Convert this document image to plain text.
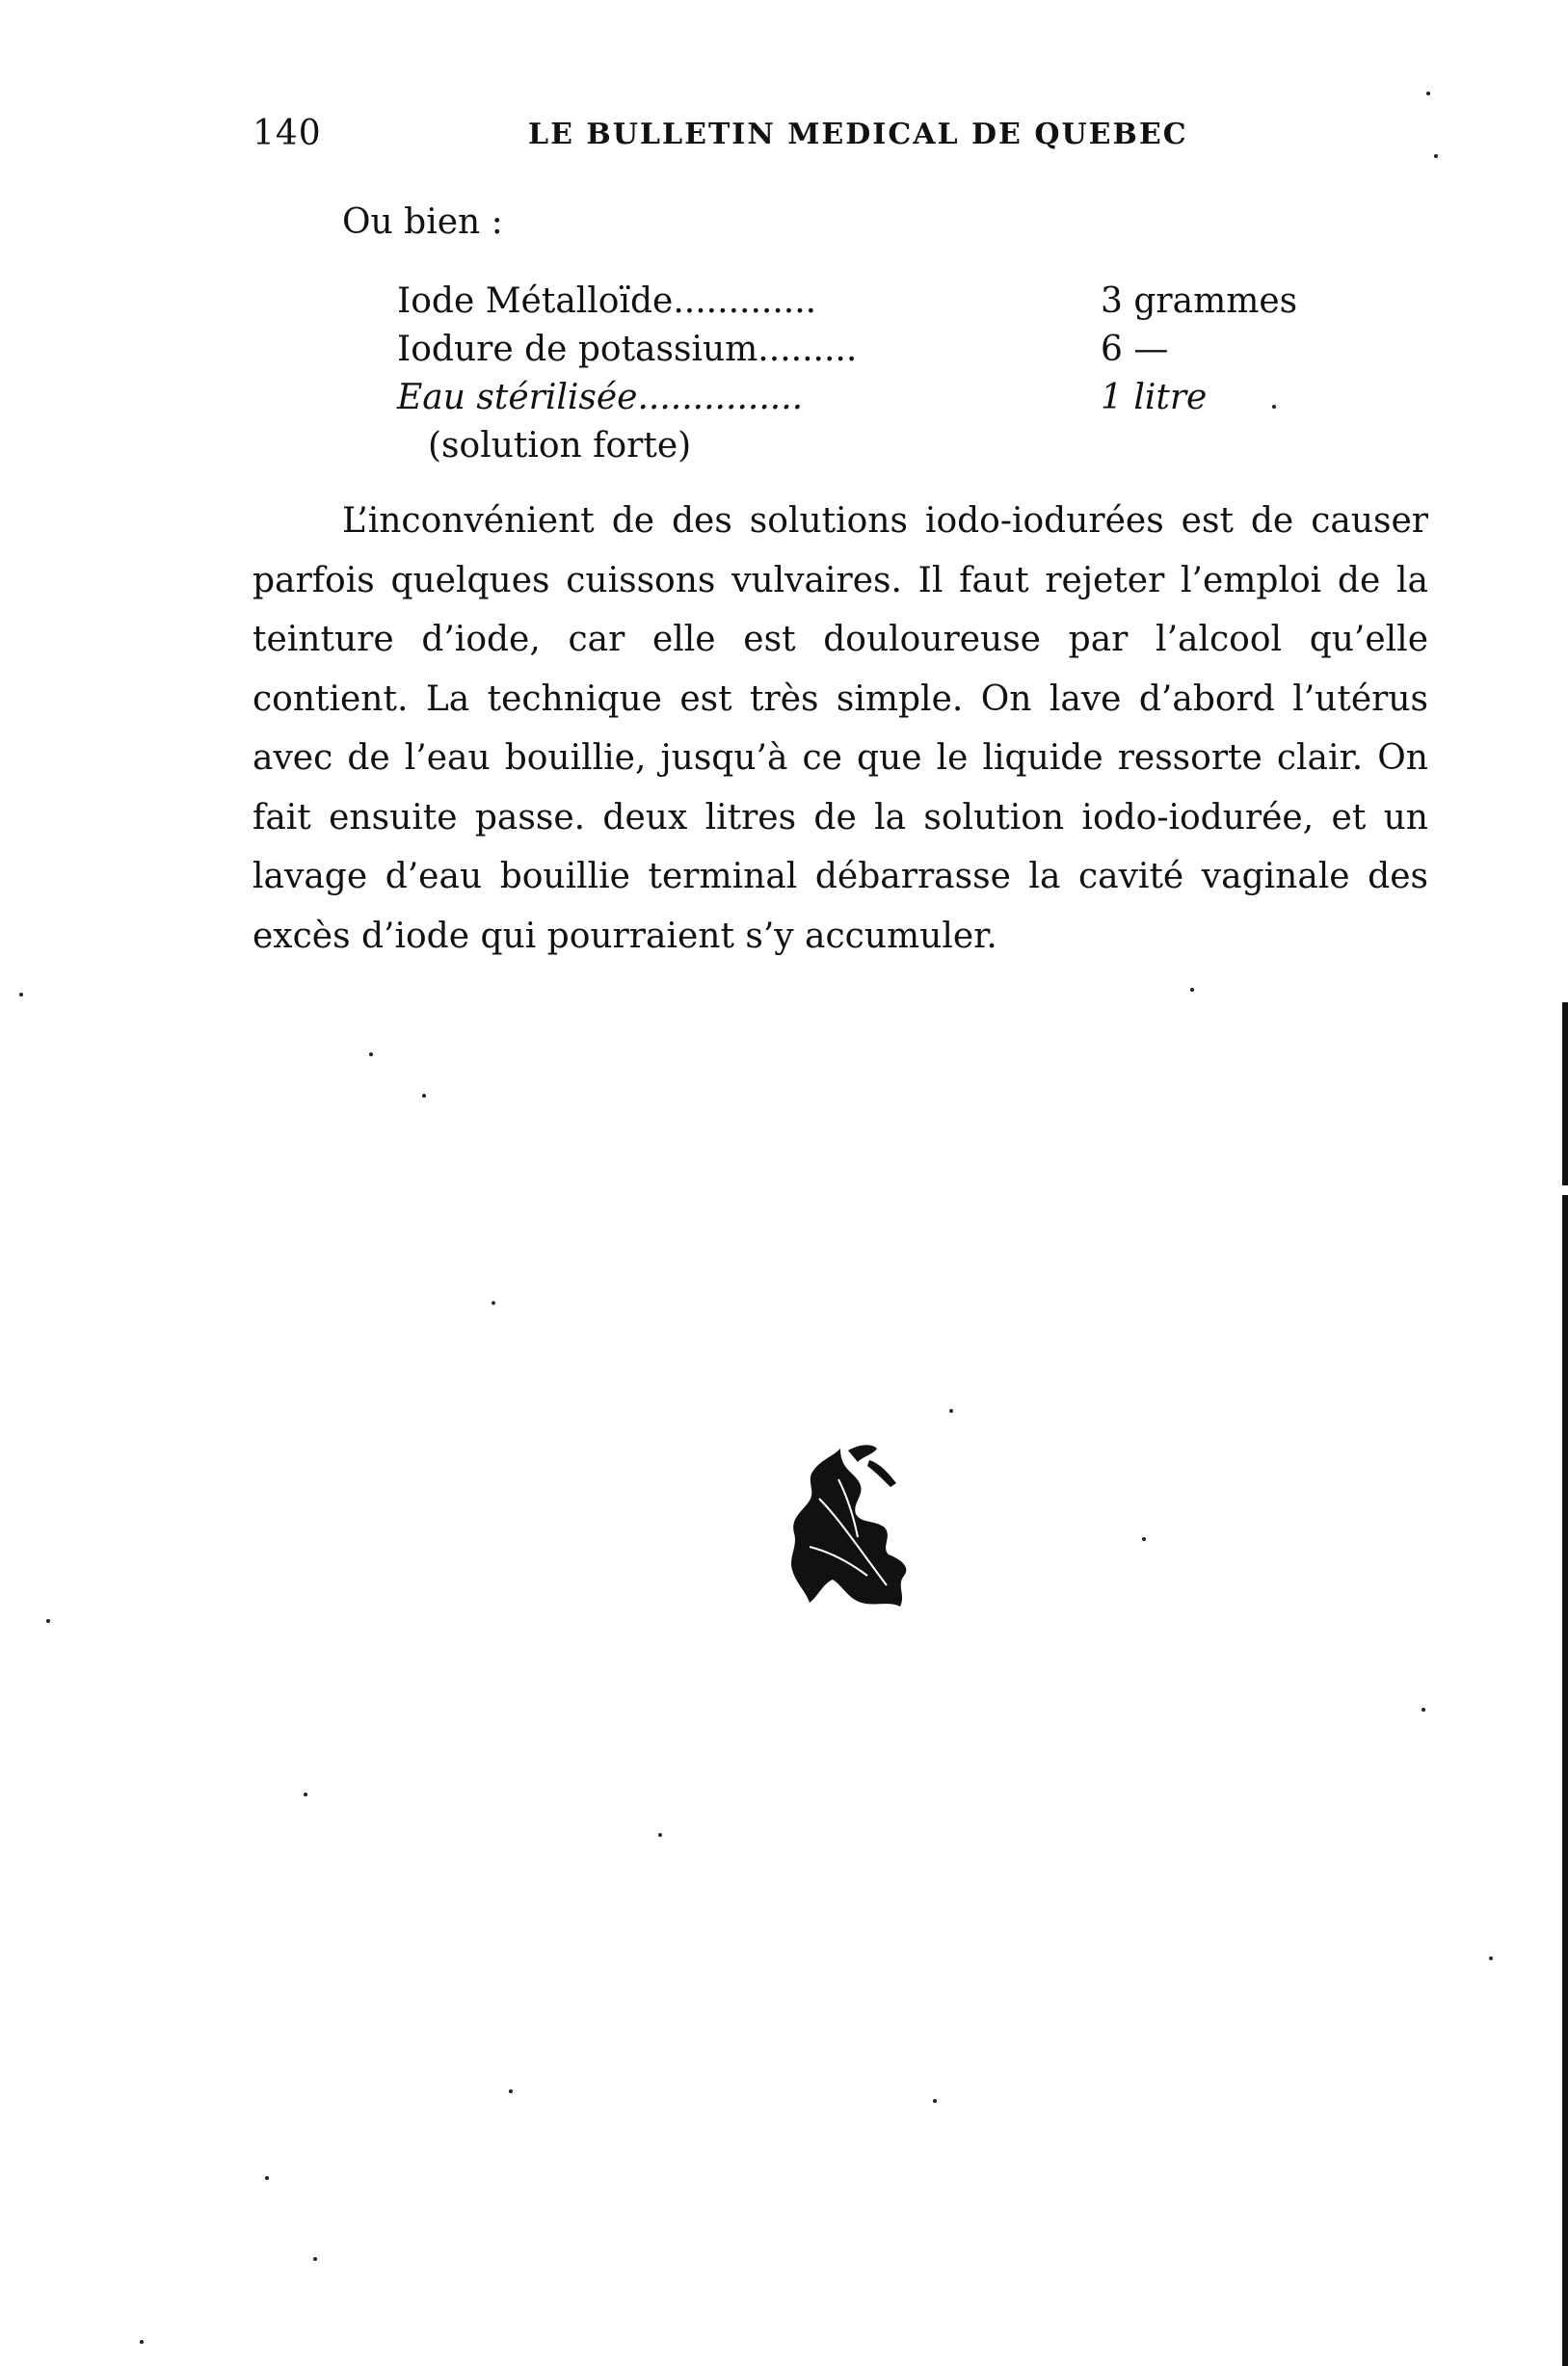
140	LE BULLETIN MEDICAL DE QUEBEC
Ou bien :
Iode Métalloïde.............	3 grammes
Iodure de potassium.........	6 —
Eau stérilisée...............	1 litre
(solution forte)

L’inconvénient de des solutions iodo-iodurées est de causer parfois quelques cuissons vulvaires. Il faut rejeter l’emploi de la teinture d’iode, car elle est douloureuse par l’alcool qu’elle contient. La technique est très simple. On lave d’abord l’utérus avec de l’eau bouillie, jusqu’à ce que le liquide ressorte clair. On fait ensuite passe. deux litres de la solution iodo-iodurée, et un lavage d’eau bouillie terminal débarrasse la cavité vaginale des excès d’iode qui pourraient s’y accumuler.
